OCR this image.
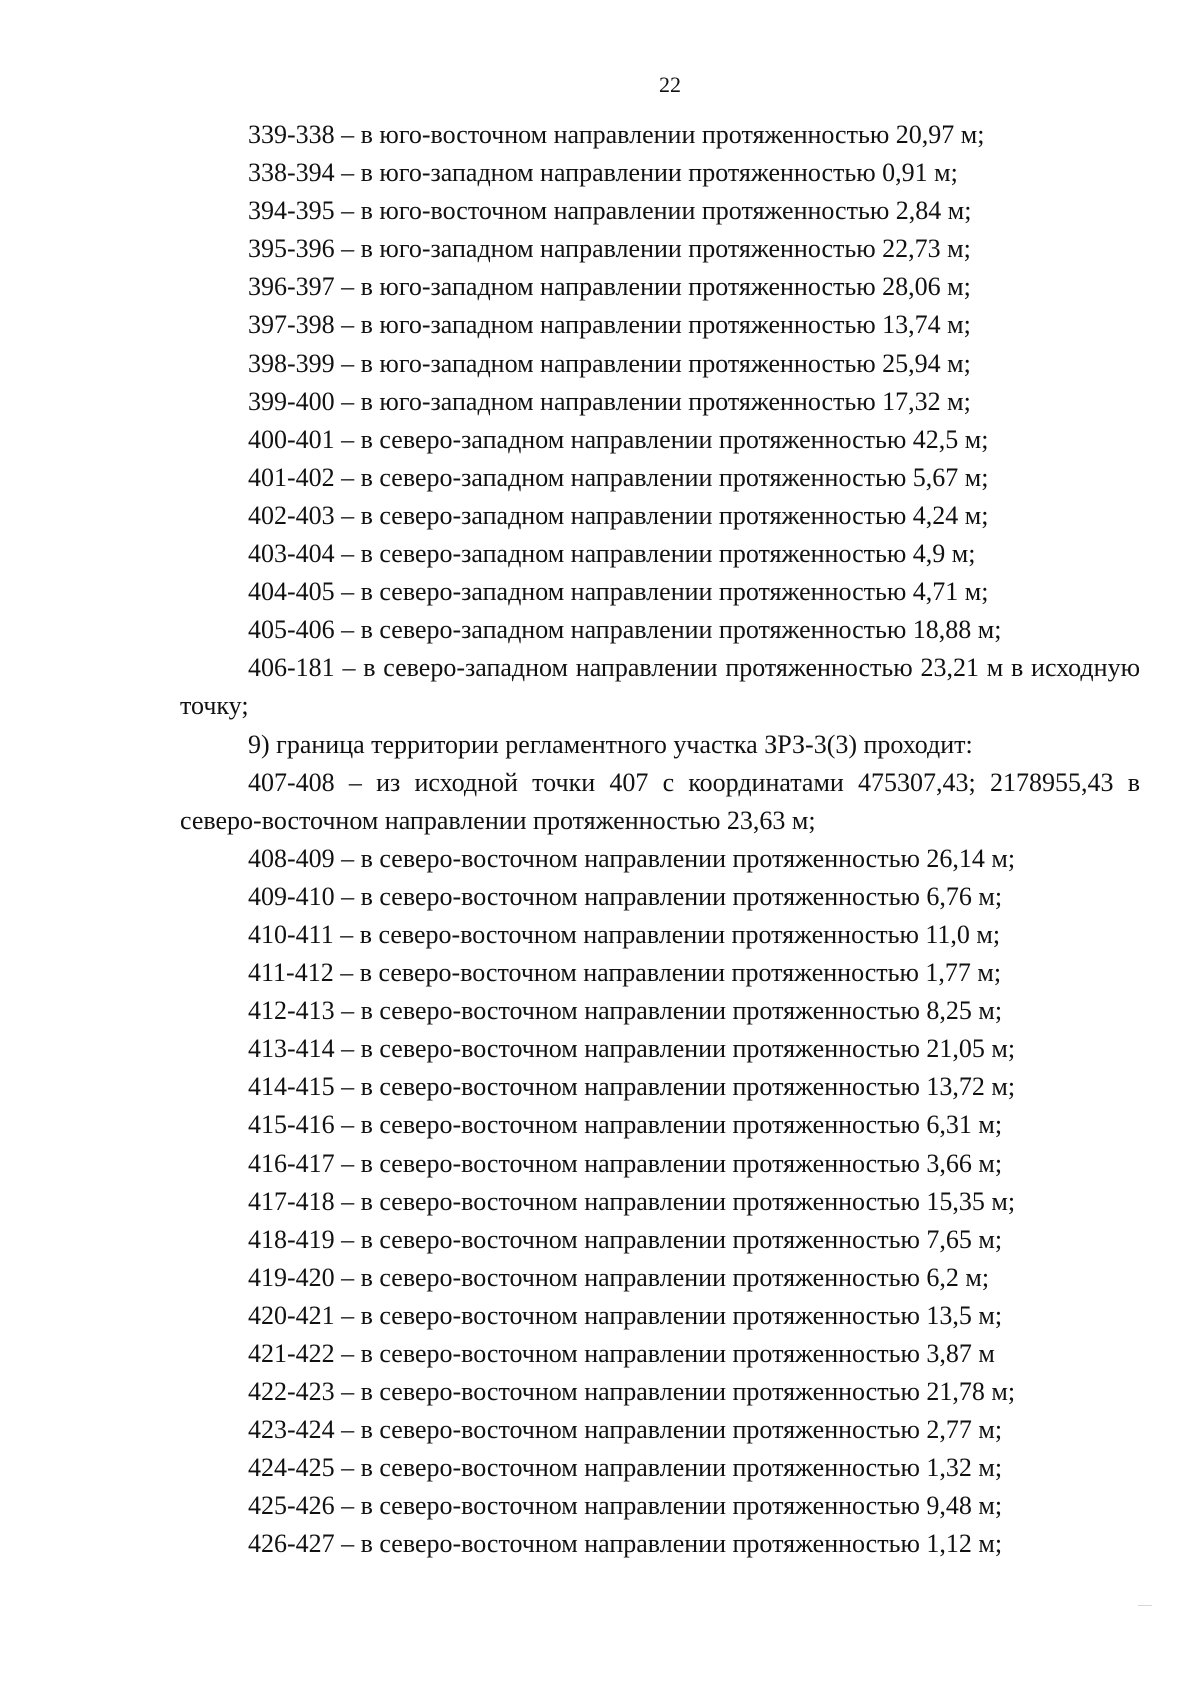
22
339-338 – в юго-восточном направлении протяженностью 20,97 м;
338-394 – в юго-западном направлении протяженностью 0,91 м;
394-395 – в юго-восточном направлении протяженностью 2,84 м;
395-396 – в юго-западном направлении протяженностью 22,73 м;
396-397 – в юго-западном направлении протяженностью 28,06 м;
397-398 – в юго-западном направлении протяженностью 13,74 м;
398-399 – в юго-западном направлении протяженностью 25,94 м;
399-400 – в юго-западном направлении протяженностью 17,32 м;
400-401 – в северо-западном направлении протяженностью 42,5 м;
401-402 – в северо-западном направлении протяженностью 5,67 м;
402-403 – в северо-западном направлении протяженностью 4,24 м;
403-404 – в северо-западном направлении протяженностью 4,9 м;
404-405 – в северо-западном направлении протяженностью 4,71 м;
405-406 – в северо-западном направлении протяженностью 18,88 м;
406-181 – в северо-западном направлении протяженностью 23,21 м в исходную точку;
9) граница территории регламентного участка ЗРЗ-3(3) проходит:
407-408 – из исходной точки 407 с координатами 475307,43; 2178955,43 в северо-восточном направлении протяженностью 23,63 м;
408-409 – в северо-восточном направлении протяженностью 26,14 м;
409-410 – в северо-восточном направлении протяженностью 6,76 м;
410-411 – в северо-восточном направлении протяженностью 11,0 м;
411-412 – в северо-восточном направлении протяженностью 1,77 м;
412-413 – в северо-восточном направлении протяженностью 8,25 м;
413-414 – в северо-восточном направлении протяженностью 21,05 м;
414-415 – в северо-восточном направлении протяженностью 13,72 м;
415-416 – в северо-восточном направлении протяженностью 6,31 м;
416-417 – в северо-восточном направлении протяженностью 3,66 м;
417-418 – в северо-восточном направлении протяженностью 15,35 м;
418-419 – в северо-восточном направлении протяженностью 7,65 м;
419-420 – в северо-восточном направлении протяженностью 6,2 м;
420-421 – в северо-восточном направлении протяженностью 13,5 м;
421-422 – в северо-восточном направлении протяженностью 3,87 м
422-423 – в северо-восточном направлении протяженностью 21,78 м;
423-424 – в северо-восточном направлении протяженностью 2,77 м;
424-425 – в северо-восточном направлении протяженностью 1,32 м;
425-426 – в северо-восточном направлении протяженностью 9,48 м;
426-427 – в северо-восточном направлении протяженностью 1,12 м;
